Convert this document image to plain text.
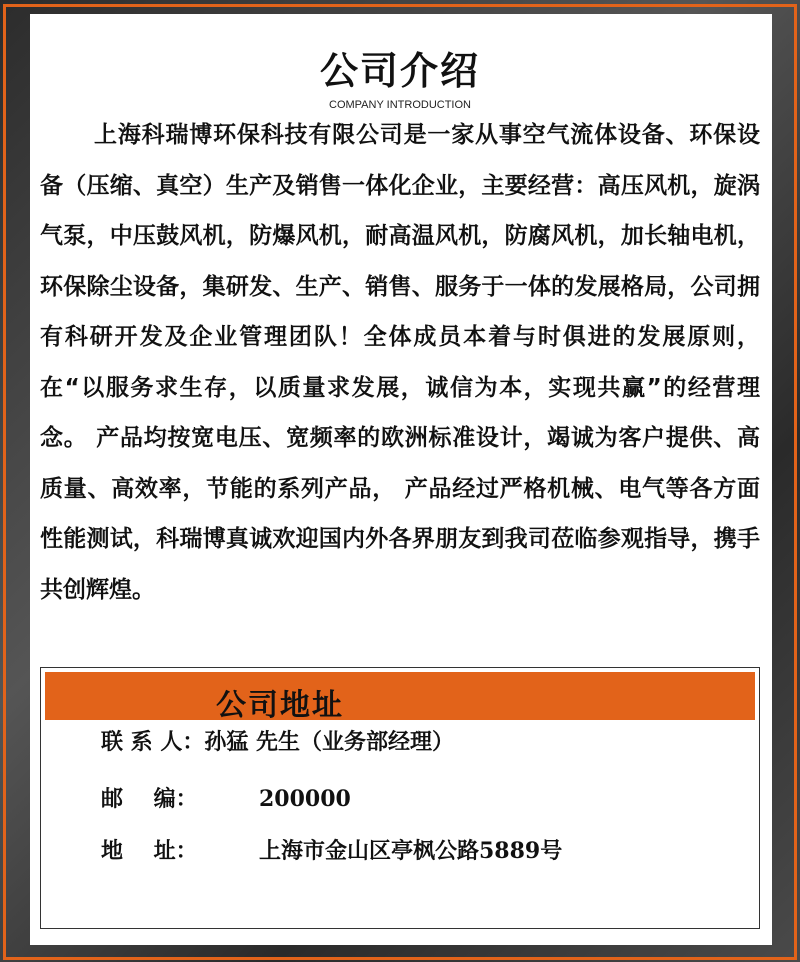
公司介绍
COMPANY INTRODUCTION

上海科瑞博环保科技有限公司是一家从事空气流体设备、环保设备（压缩、真空）生产及销售一体化企业，主要经营：高压风机，旋涡气泵，中压鼓风机，防爆风机，耐高温风机，防腐风机，加长轴电机，环保除尘设备，集研发、生产、销售、服务于一体的发展格局，公司拥有科研开发及企业管理团队！全体成员本着与时俱进的发展原则，在“以服务求生存，以质量求发展，诚信为本，实现共赢”的经营理念。 产品均按宽电压、宽频率的欧洲标准设计，竭诚为客户提供、高质量、高效率，节能的系列产品， 产品经过严格机械、电气等各方面性能测试，科瑞博真诚欢迎国内外各界朋友到我司莅临参观指导，携手共创辉煌。

公司地址
联 系 人：孙猛 先生（业务部经理）
邮    编：	200000
地    址：	上海市金山区亭枫公路5889号
